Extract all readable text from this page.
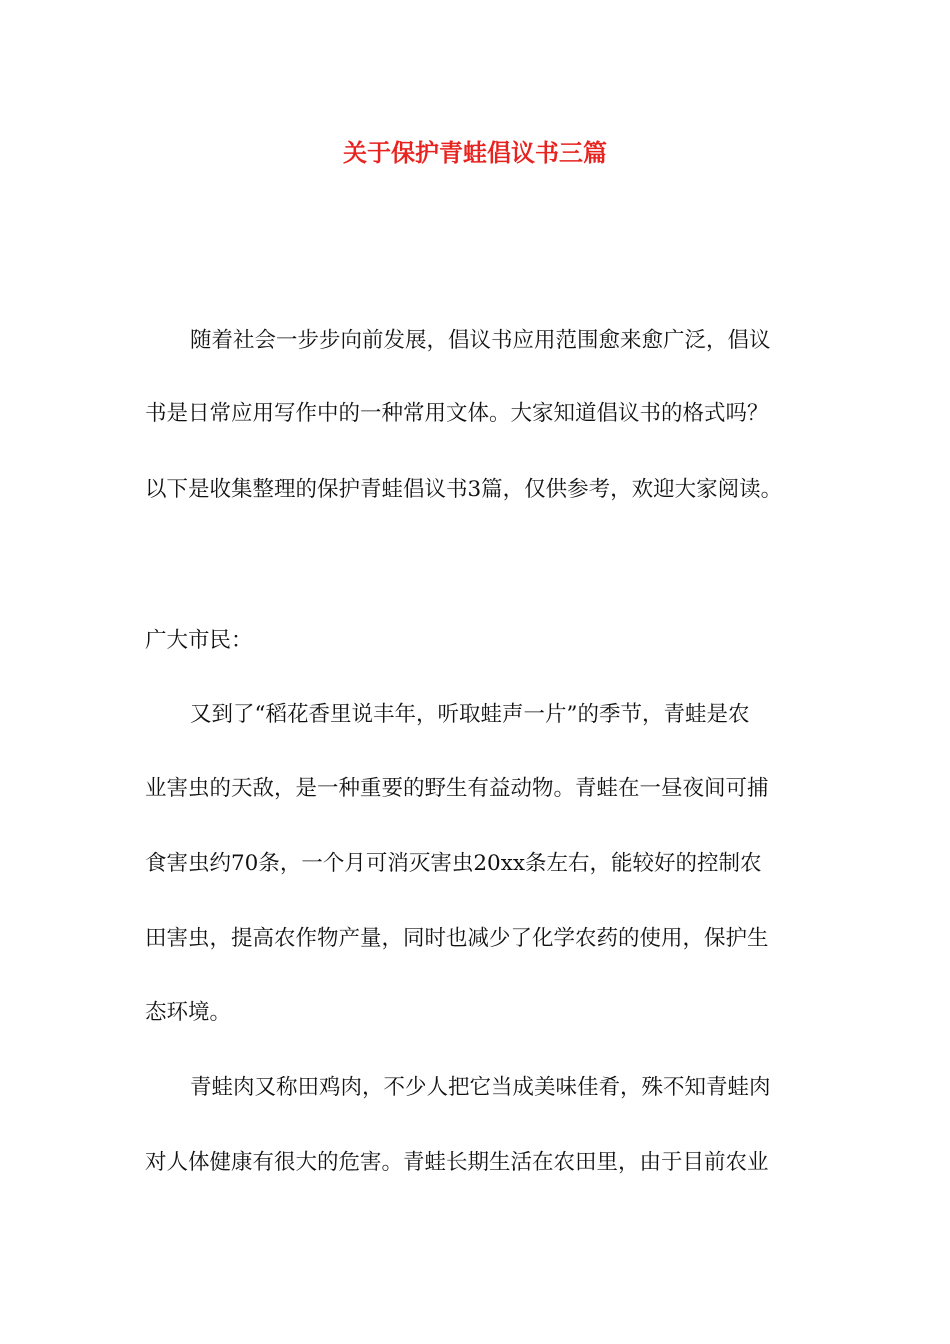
关于保护青蛙倡议书三篇
随着社会一步步向前发展，倡议书应用范围愈来愈广泛，倡议
书是日常应用写作中的一种常用文体。大家知道倡议书的格式吗？
以下是收集整理的保护青蛙倡议书3篇，仅供参考，欢迎大家阅读。
广大市民：
又到了“稻花香里说丰年，听取蛙声一片”的季节，青蛙是农
业害虫的天敌，是一种重要的野生有益动物。青蛙在一昼夜间可捕
食害虫约70条，一个月可消灭害虫20xx条左右，能较好的控制农
田害虫，提高农作物产量，同时也减少了化学农药的使用，保护生
态环境。
青蛙肉又称田鸡肉，不少人把它当成美味佳肴，殊不知青蛙肉
对人体健康有很大的危害。青蛙长期生活在农田里，由于目前农业
